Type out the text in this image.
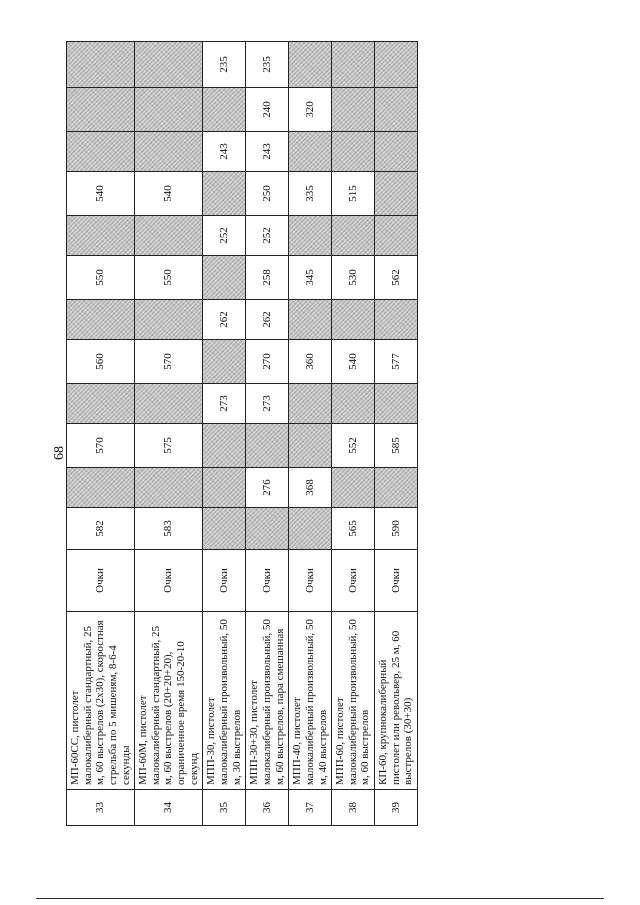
68
33	МП-60СС, пистолет малокалиберный стандартный, 25 м, 60 выстрелов (2х30), скоростная стрельба по 5 мишеням, 8-6-4 секунды	Очки	582		570		560		550		540			
34	МП-60М, пистолет малокалиберный стандартный, 25 м, 60 выстрелов (20+20+20), ограниченное время 150-20-10 секунд	Очки	583		575		570		550		540			
35	МПП-30, пистолет малокалиберный произвольный, 50 м, 30 выстрелов	Очки				273		262		252		243		235
36	МПП-30+30, пистолет малокалиберный произвольный, 50 м, 60 выстрелов, пара смешанная	Очки		276		273	270	262	258	252	250	243	240	235
37	МПП-40, пистолет малокалиберный произвольный, 50 м, 40 выстрелов	Очки		368			360		345		335		320	
38	МПП-60, пистолет малокалиберный произвольный, 50 м, 60 выстрелов	Очки	565		552		540		530		515			
39	КП-60, крупнокалиберный пистолет или револьвер, 25 м, 60 выстрелов (30+30)	Очки	590		585		577		562					
